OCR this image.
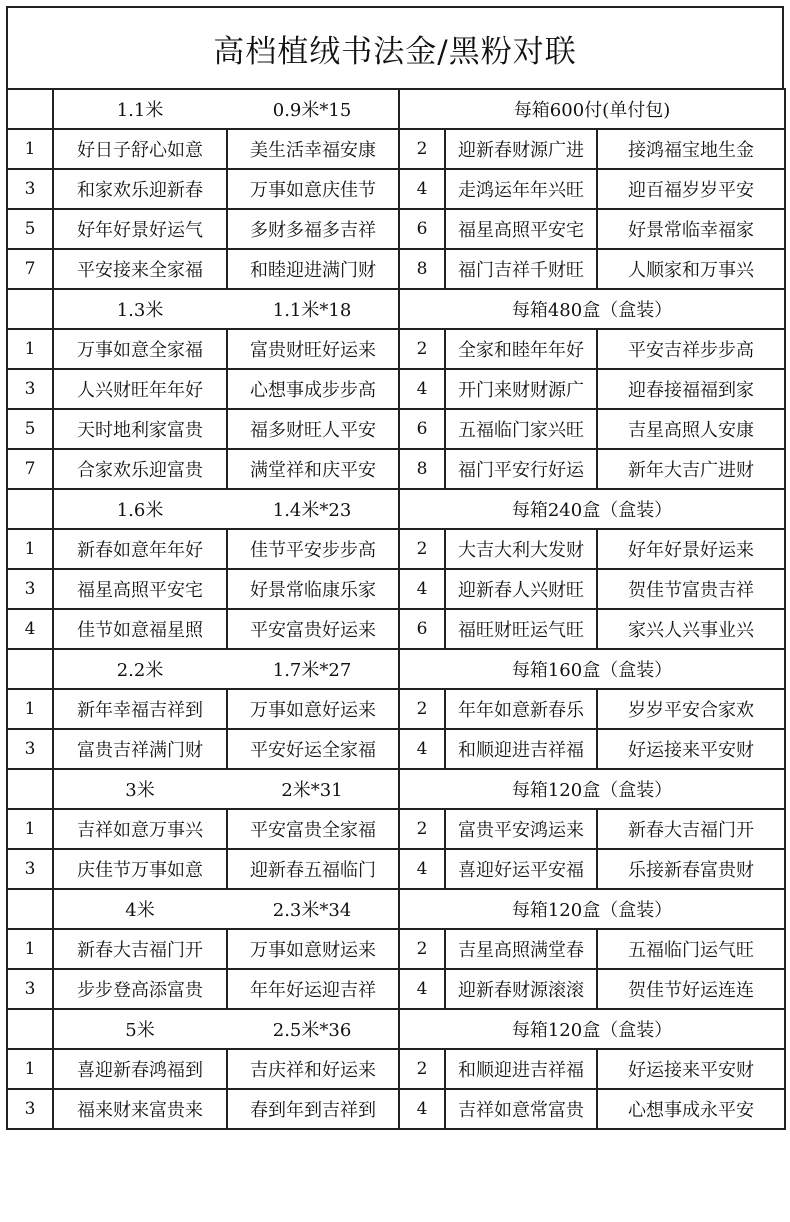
高档植绒书法金/黑粉对联

	1.1米 0.9米*15		每箱600付(单付包)		
1	好日子舒心如意	美生活幸福安康	2	迎新春财源广进	接鸿福宝地生金
3	和家欢乐迎新春	万事如意庆佳节	4	走鸿运年年兴旺	迎百福岁岁平安
5	好年好景好运气	多财多福多吉祥	6	福星高照平安宅	好景常临幸福家
7	平安接来全家福	和睦迎进满门财	8	福门吉祥千财旺	人顺家和万事兴

	1.3米 1.1米*18		每箱480盒（盒装）		
1	万事如意全家福	富贵财旺好运来	2	全家和睦年年好	平安吉祥步步高
3	人兴财旺年年好	心想事成步步高	4	开门来财财源广	迎春接福福到家
5	天时地利家富贵	福多财旺人平安	6	五福临门家兴旺	吉星高照人安康
7	合家欢乐迎富贵	满堂祥和庆平安	8	福门平安行好运	新年大吉广进财

	1.6米 1.4米*23		每箱240盒（盒装）		
1	新春如意年年好	佳节平安步步高	2	大吉大利大发财	好年好景好运来
3	福星高照平安宅	好景常临康乐家	4	迎新春人兴财旺	贺佳节富贵吉祥
4	佳节如意福星照	平安富贵好运来	6	福旺财旺运气旺	家兴人兴事业兴

	2.2米 1.7米*27		每箱160盒（盒装）		
1	新年幸福吉祥到	万事如意好运来	2	年年如意新春乐	岁岁平安合家欢
3	富贵吉祥满门财	平安好运全家福	4	和顺迎进吉祥福	好运接来平安财

	3米 2米*31		每箱120盒（盒装）		
1	吉祥如意万事兴	平安富贵全家福	2	富贵平安鸿运来	新春大吉福门开
3	庆佳节万事如意	迎新春五福临门	4	喜迎好运平安福	乐接新春富贵财

	4米 2.3米*34		每箱120盒（盒装）		
1	新春大吉福门开	万事如意财运来	2	吉星高照满堂春	五福临门运气旺
3	步步登高添富贵	年年好运迎吉祥	4	迎新春财源滚滚	贺佳节好运连连

	5米 2.5米*36		每箱120盒（盒装）		
1	喜迎新春鸿福到	吉庆祥和好运来	2	和顺迎进吉祥福	好运接来平安财
3	福来财来富贵来	春到年到吉祥到	4	吉祥如意常富贵	心想事成永平安
